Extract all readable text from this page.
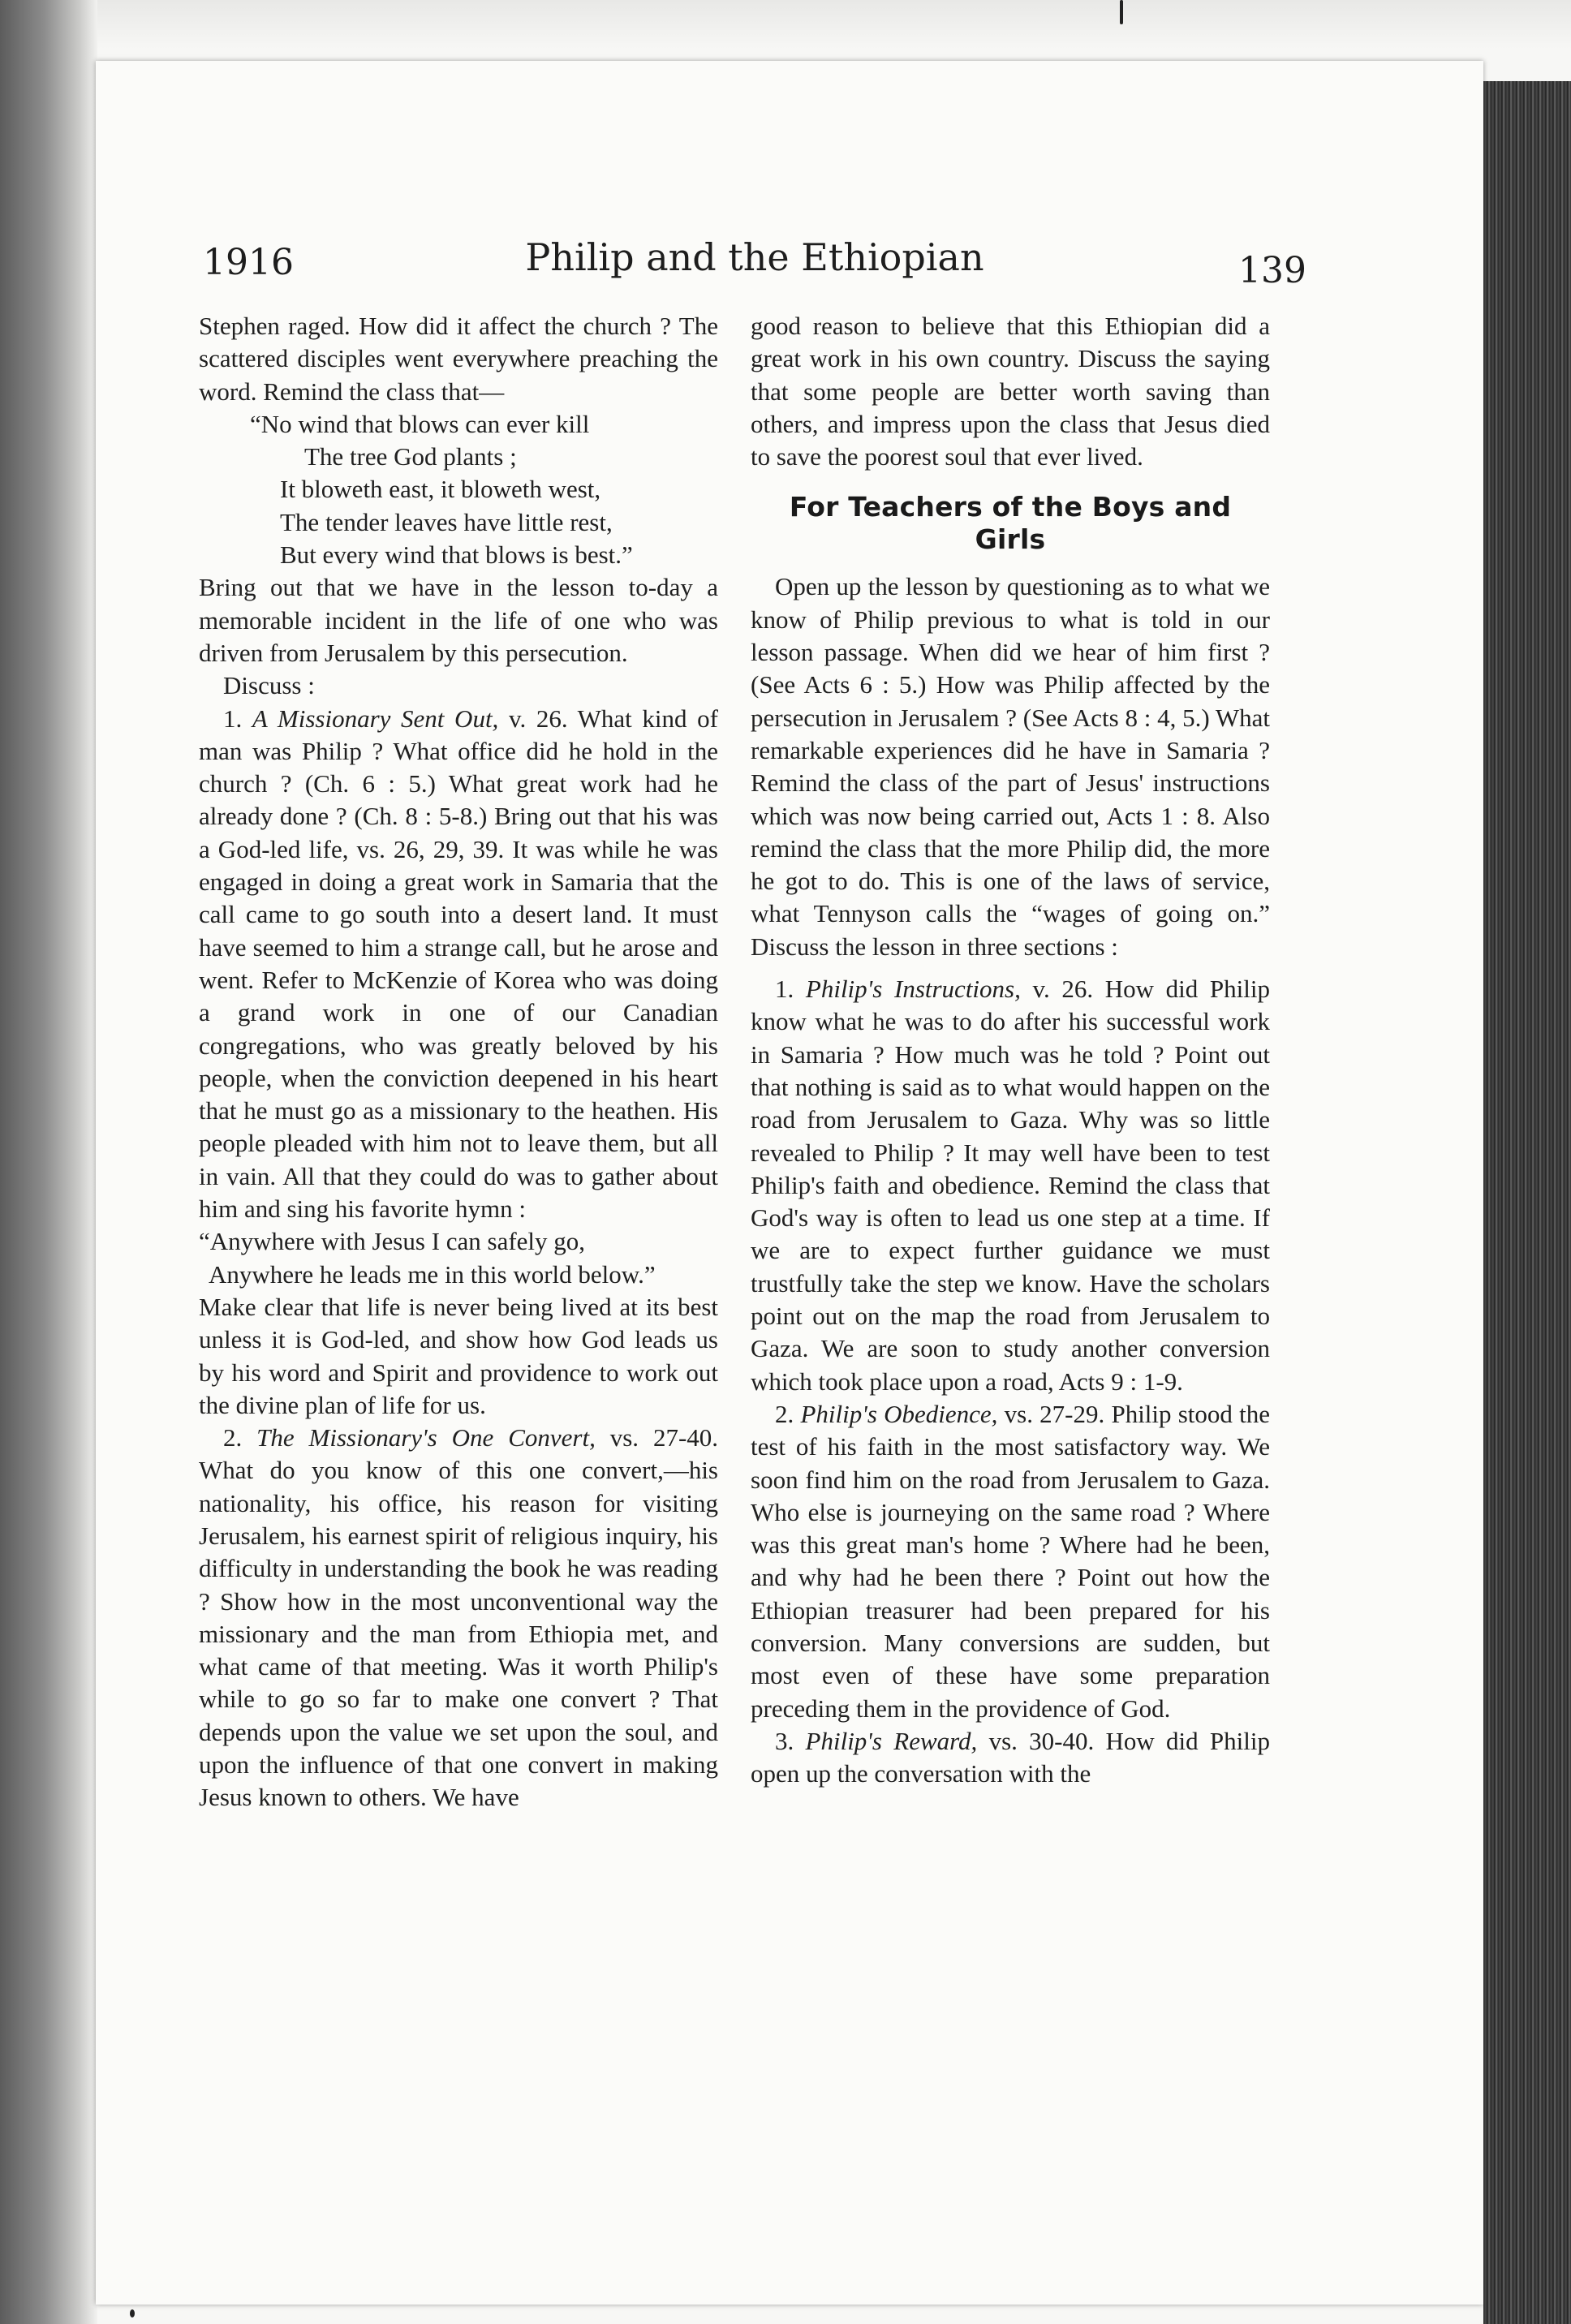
1916	Philip and the Ethiopian	139

Stephen raged. How did it affect the church ? The scattered disciples went everywhere preaching the word. Remind the class that—

“No wind that blows can ever kill
The tree God plants ;
It bloweth east, it bloweth west,
The tender leaves have little rest,
But every wind that blows is best.”

Bring out that we have in the lesson to-day a memorable incident in the life of one who was driven from Jerusalem by this persecution.

Discuss :

1. A Missionary Sent Out, v. 26. What kind of man was Philip ? What office did he hold in the church ? (Ch. 6 : 5.) What great work had he already done ? (Ch. 8 : 5-8.) Bring out that his was a God-led life, vs. 26, 29, 39. It was while he was engaged in doing a great work in Samaria that the call came to go south into a desert land. It must have seemed to him a strange call, but he arose and went. Refer to McKenzie of Korea who was doing a grand work in one of our Canadian congregations, who was greatly beloved by his people, when the conviction deepened in his heart that he must go as a missionary to the heathen. His people pleaded with him not to leave them, but all in vain. All that they could do was to gather about him and sing his favorite hymn :

“Anywhere with Jesus I can safely go,
Anywhere he leads me in this world below.”

Make clear that life is never being lived at its best unless it is God-led, and show how God leads us by his word and Spirit and providence to work out the divine plan of life for us.

2. The Missionary's One Convert, vs. 27-40. What do you know of this one convert,—his nationality, his office, his reason for visiting Jerusalem, his earnest spirit of religious inquiry, his difficulty in understanding the book he was reading ? Show how in the most unconventional way the missionary and the man from Ethiopia met, and what came of that meeting. Was it worth Philip's while to go so far to make one convert ? That depends upon the value we set upon the soul, and upon the influence of that one convert in making Jesus known to others. We have

good reason to believe that this Ethiopian did a great work in his own country. Discuss the saying that some people are better worth saving than others, and impress upon the class that Jesus died to save the poorest soul that ever lived.

For Teachers of the Boys and Girls

Open up the lesson by questioning as to what we know of Philip previous to what is told in our lesson passage. When did we hear of him first ? (See Acts 6 : 5.) How was Philip affected by the persecution in Jerusalem ? (See Acts 8 : 4, 5.) What remarkable experiences did he have in Samaria ? Remind the class of the part of Jesus' instructions which was now being carried out, Acts 1 : 8. Also remind the class that the more Philip did, the more he got to do. This is one of the laws of service, what Tennyson calls the “wages of going on.” Discuss the lesson in three sections :

1. Philip's Instructions, v. 26. How did Philip know what he was to do after his successful work in Samaria ? How much was he told ? Point out that nothing is said as to what would happen on the road from Jerusalem to Gaza. Why was so little revealed to Philip ? It may well have been to test Philip's faith and obedience. Remind the class that God's way is often to lead us one step at a time. If we are to expect further guidance we must trustfully take the step we know. Have the scholars point out on the map the road from Jerusalem to Gaza. We are soon to study another conversion which took place upon a road, Acts 9 : 1-9.

2. Philip's Obedience, vs. 27-29. Philip stood the test of his faith in the most satisfactory way. We soon find him on the road from Jerusalem to Gaza. Who else is journeying on the same road ? Where was this great man's home ? Where had he been, and why had he been there ? Point out how the Ethiopian treasurer had been prepared for his conversion. Many conversions are sudden, but most even of these have some preparation preceding them in the providence of God.

3. Philip's Reward, vs. 30-40. How did Philip open up the conversation with the
